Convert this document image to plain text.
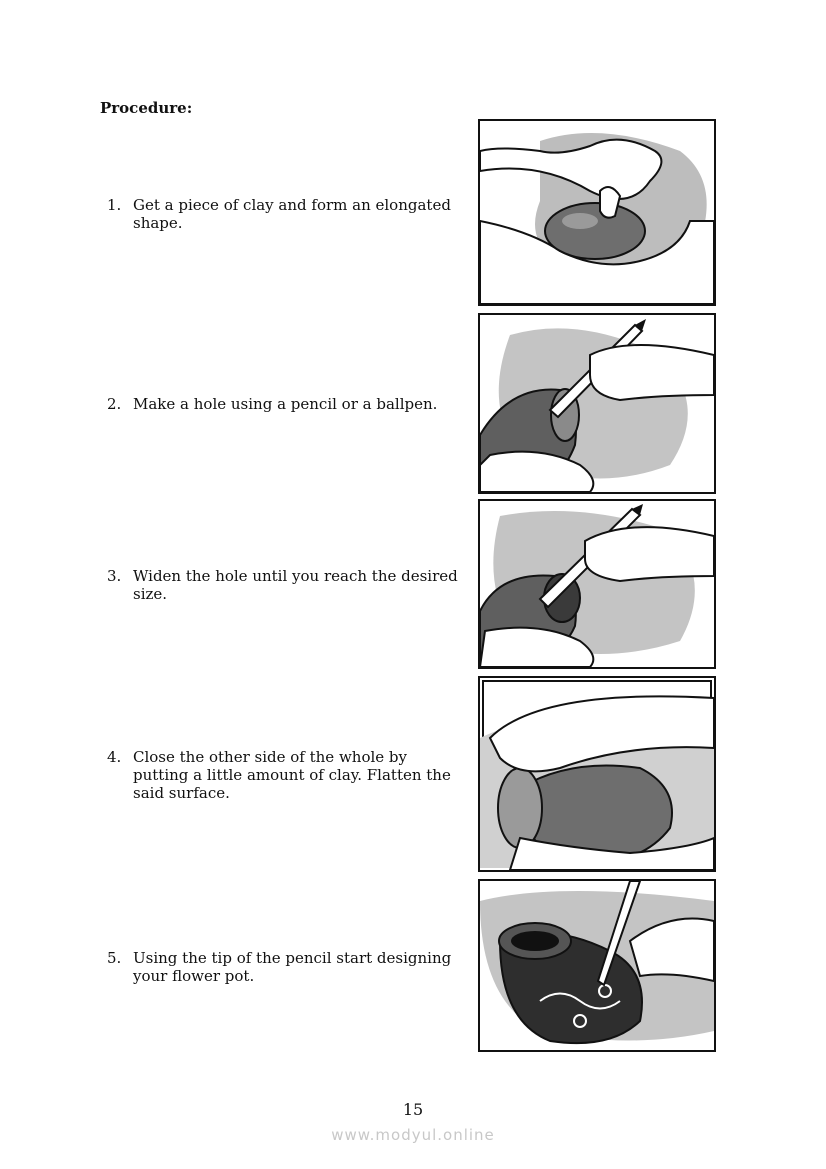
Procedure:
1. Get a piece of clay and form an elongated shape.
2. Make a hole using a pencil or a ballpen.
3. Widen the hole until you reach the desired size.
4. Close the other side of the whole by putting a little amount of clay. Flatten the said surface.
5. Using the tip of the pencil start designing your flower pot.
15
www.modyul.online
